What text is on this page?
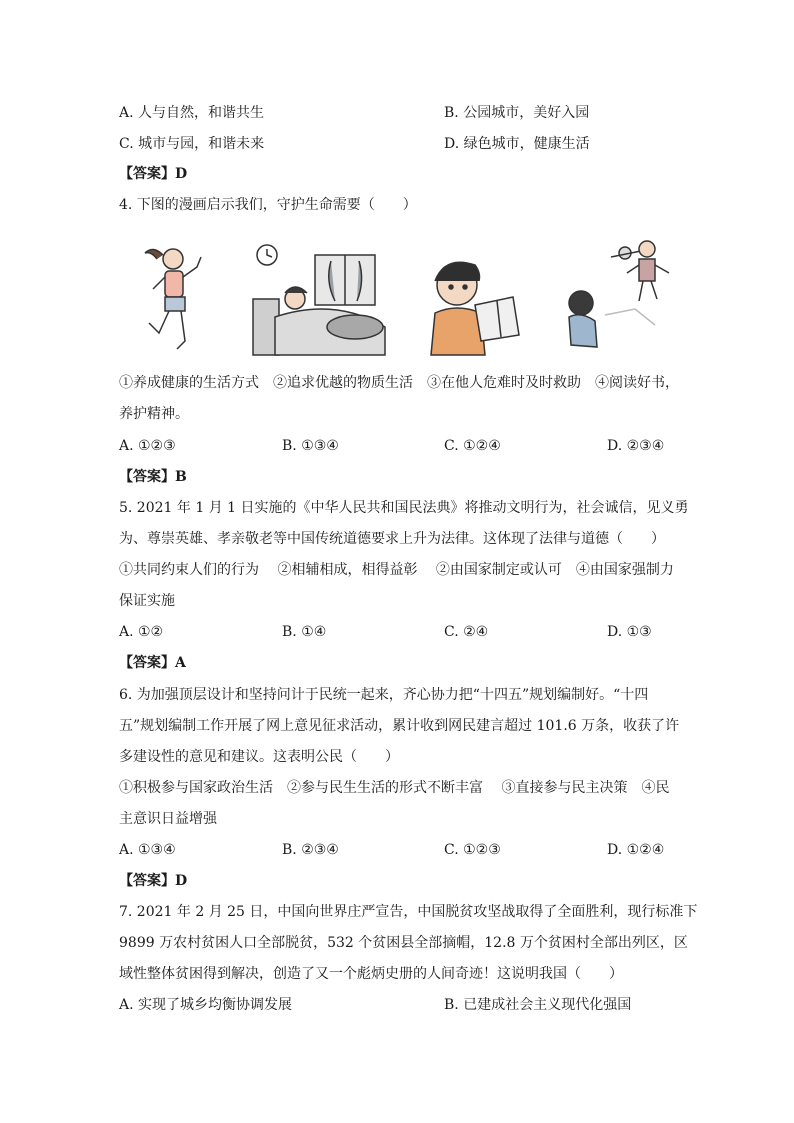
A. 人与自然，和谐共生	B. 公园城市，美好入园
C. 城市与园，和谐未来	D. 绿色城市，健康生活
【答案】D
4. 下图的漫画启示我们，守护生命需要（　　）
①养成健康的生活方式　②追求优越的物质生活　③在他人危难时及时救助　④阅读好书，
养护精神。
A. ①②③	B. ①③④	C. ①②④	D. ②③④
【答案】B
5. 2021 年 1 月 1 日实施的《中华人民共和国民法典》将推动文明行为，社会诚信，见义勇
为、尊崇英雄、孝亲敬老等中国传统道德要求上升为法律。这体现了法律与道德（　　）
①共同约束人们的行为　 ②相辅相成，相得益彰　 ②由国家制定或认可　④由国家强制力
保证实施
A. ①②	B. ①④	C. ②④	D. ①③
【答案】A
6. 为加强顶层设计和坚持问计于民统一起来，齐心协力把“十四五”规划编制好。“十四
五”规划编制工作开展了网上意见征求活动，累计收到网民建言超过 101.6 万条，收获了许
多建设性的意见和建议。这表明公民（　　）
①积极参与国家政治生活　②参与民生生活的形式不断丰富　 ③直接参与民主决策　④民
主意识日益增强
A. ①③④	B. ②③④	C. ①②③	D. ①②④
【答案】D
7. 2021 年 2 月 25 日，中国向世界庄严宣告，中国脱贫攻坚战取得了全面胜利，现行标准下
9899 万农村贫困人口全部脱贫，532 个贫困县全部摘帽，12.8 万个贫困村全部出列区，区
域性整体贫困得到解决，创造了又一个彪炳史册的人间奇迹！这说明我国（　　）
A. 实现了城乡均衡协调发展	B. 已建成社会主义现代化强国
